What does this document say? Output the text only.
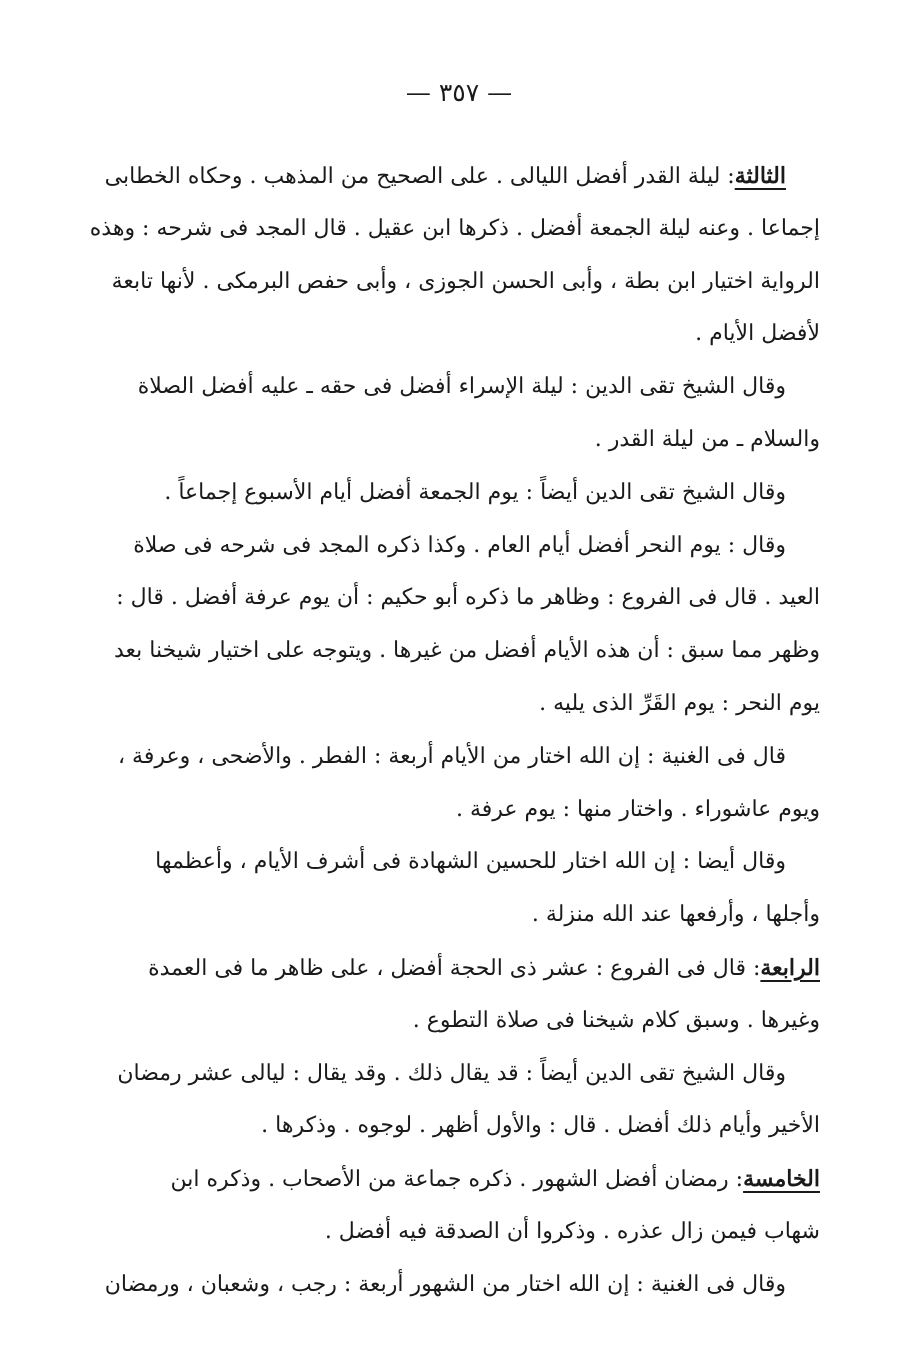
— ٣٥٧ —
الثالثة: ليلة القدر أفضل الليالى . على الصحيح من المذهب . وحكاه الخطابى
إجماعا . وعنه ليلة الجمعة أفضل . ذكرها ابن عقيل . قال المجد فى شرحه : وهذه
الرواية اختيار ابن بطة ، وأبى الحسن الجوزى ، وأبى حفص البرمكى . لأنها تابعة
لأفضل الأيام .
وقال الشيخ تقى الدين : ليلة الإسراء أفضل فى حقه ـ عليه أفضل الصلاة
والسلام ـ من ليلة القدر .
وقال الشيخ تقى الدين أيضاً : يوم الجمعة أفضل أيام الأسبوع إجماعاً .
وقال : يوم النحر أفضل أيام العام . وكذا ذكره المجد فى شرحه فى صلاة
العيد . قال فى الفروع : وظاهر ما ذكره أبو حكيم : أن يوم عرفة أفضل . قال :
وظهر مما سبق : أن هذه الأيام أفضل من غيرها . ويتوجه على اختيار شيخنا بعد
يوم النحر : يوم القَرِّ الذى يليه .
قال فى الغنية : إن الله اختار من الأيام أربعة : الفطر . والأضحى ، وعرفة ،
ويوم عاشوراء . واختار منها : يوم عرفة .
وقال أيضا : إن الله اختار للحسين الشهادة فى أشرف الأيام ، وأعظمها
وأجلها ، وأرفعها عند الله منزلة .
الرابعة: قال فى الفروع : عشر ذى الحجة أفضل ، على ظاهر ما فى العمدة
وغيرها . وسبق كلام شيخنا فى صلاة التطوع .
وقال الشيخ تقى الدين أيضاً : قد يقال ذلك . وقد يقال : ليالى عشر رمضان
الأخير وأيام ذلك أفضل . قال : والأول أظهر . لوجوه . وذكرها .
الخامسة: رمضان أفضل الشهور . ذكره جماعة من الأصحاب . وذكره ابن
شهاب فيمن زال عذره . وذكروا أن الصدقة فيه أفضل .
وقال فى الغنية : إن الله اختار من الشهور أربعة : رجب ، وشعبان ، ورمضان
